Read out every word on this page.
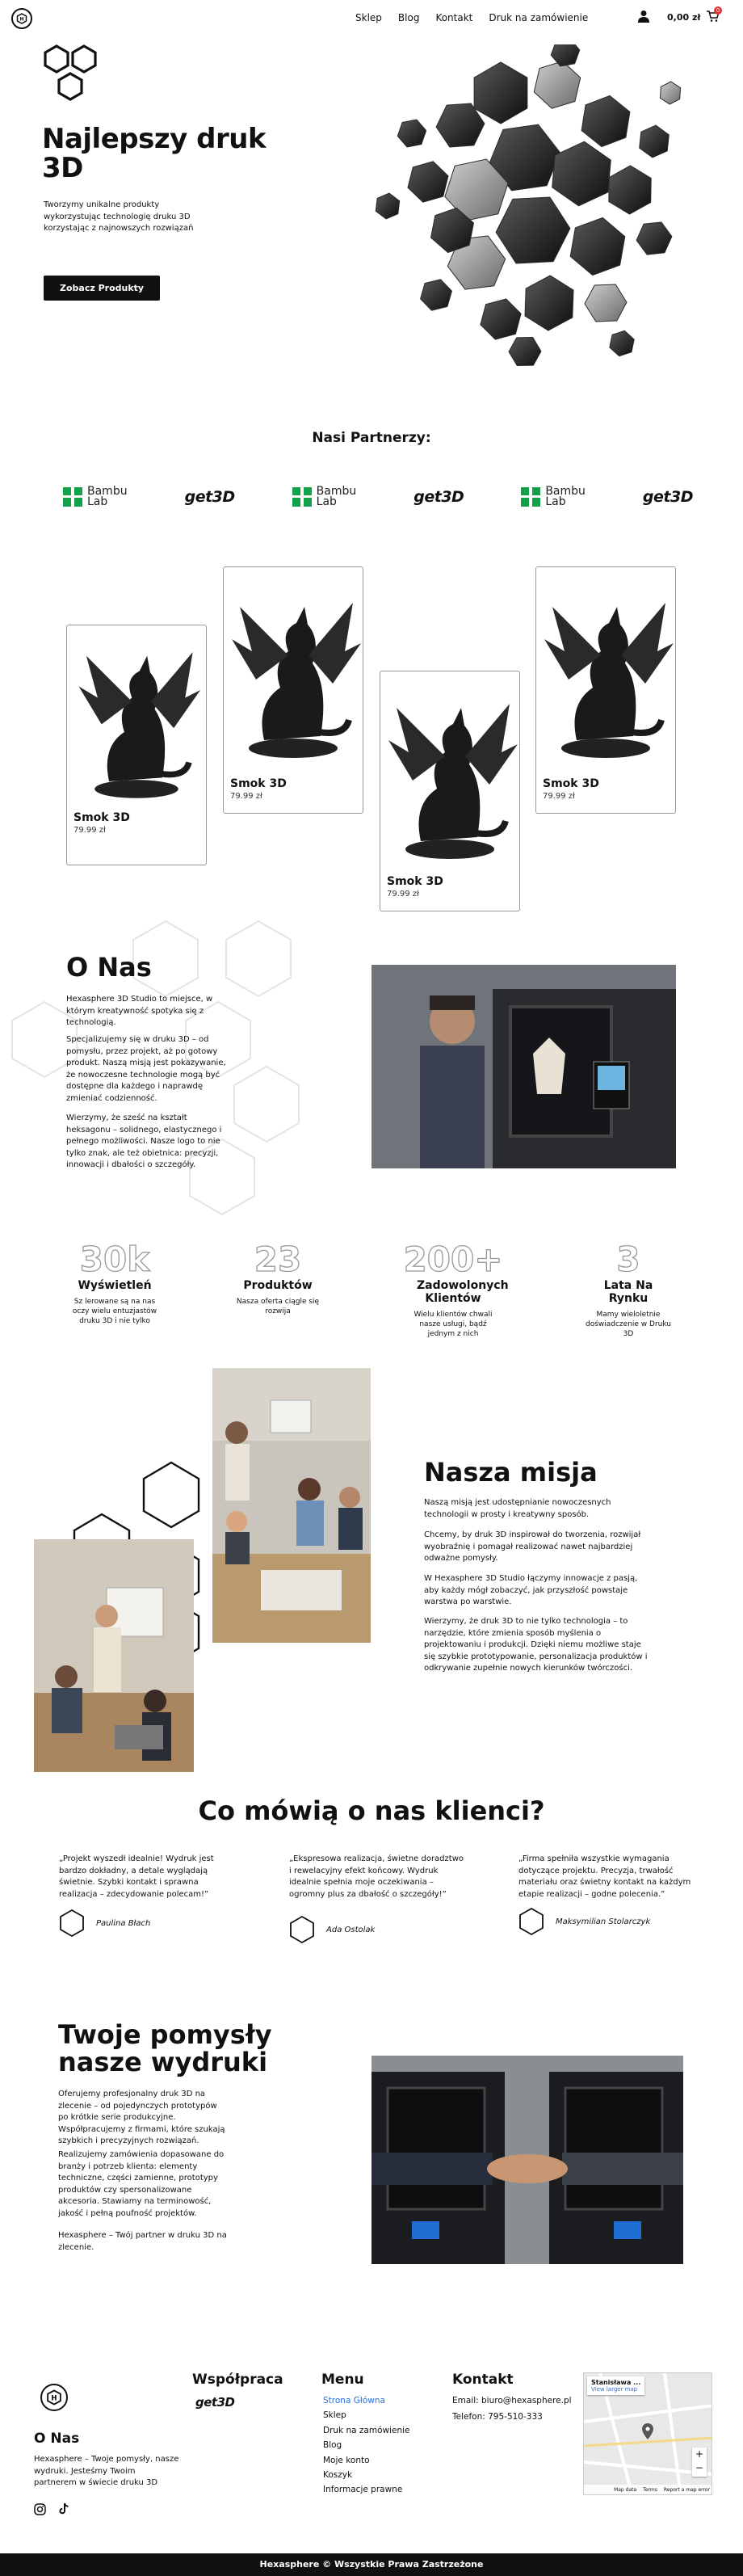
H	Sklep Blog Kontakt Druk na zamówienie	0,00 zł
0
Najlepszy druk 3D
Tworzymy unikalne produkty wykorzystując technologię druku 3D korzystając z najnowszych rozwiązań
Zobacz Produkty
Nasi Partnerzy:
Bambu
Lab	get3D	Bambu
Lab	get3D	Bambu
Lab	get3D
Smok 3D
79.99 zł
Smok 3D
79.99 zł
Smok 3D
79.99 zł
Smok 3D
79.99 zł
O Nas
Hexasphere 3D Studio to miejsce, w którym kreatywność spotyka się z technologią.
Specjalizujemy się w druku 3D – od pomysłu, przez projekt, aż po gotowy produkt. Naszą misją jest pokazywanie, że nowoczesne technologie mogą być dostępne dla każdego i naprawdę zmieniać codzienność.
Wierzymy, że sześć na kształt heksagonu – solidnego, elastycznego i pełnego możliwości. Nasze logo to nie tylko znak, ale też obietnica: precyzji, innowacji i dbałości o szczegóły.
30k
Wyświetleń
Sz lerowane są na nas oczy wielu entuzjastów druku 3D i nie tylko
23
Produktów
Nasza oferta ciągle się rozwija
200+
Zadowolonych Klientów
Wielu klientów chwali nasze usługi, bądź jednym z nich
3
Lata Na Rynku
Mamy wieloletnie doświadczenie w Druku 3D
Nasza misja
Naszą misją jest udostępnianie nowoczesnych technologii w prosty i kreatywny sposób.
Chcemy, by druk 3D inspirował do tworzenia, rozwijał wyobraźnię i pomagał realizować nawet najbardziej odważne pomysły.
W Hexasphere 3D Studio łączymy innowacje z pasją, aby każdy mógł zobaczyć, jak przyszłość powstaje warstwa po warstwie.
Wierzymy, że druk 3D to nie tylko technologia – to narzędzie, które zmienia sposób myślenia o projektowaniu i produkcji. Dzięki niemu możliwe staje się szybkie prototypowanie, personalizacja produktów i odkrywanie zupełnie nowych kierunków twórczości.
Co mówią o nas klienci?
„Projekt wyszedł idealnie! Wydruk jest bardzo dokładny, a detale wyglądają świetnie. Szybki kontakt i sprawna realizacja – zdecydowanie polecam!”
Paulina Błach
„Ekspresowa realizacja, świetne doradztwo i rewelacyjny efekt końcowy. Wydruk idealnie spełnia moje oczekiwania – ogromny plus za dbałość o szczegóły!”
Ada Ostolak
„Firma spełniła wszystkie wymagania dotyczące projektu. Precyzja, trwałość materiału oraz świetny kontakt na każdym etapie realizacji – godne polecenia.”
Maksymilian Stolarczyk
Twoje pomysły nasze wydruki
Oferujemy profesjonalny druk 3D na zlecenie – od pojedynczych prototypów po krótkie serie produkcyjne. Współpracujemy z firmami, które szukają szybkich i precyzyjnych rozwiązań.
Realizujemy zamówienia dopasowane do branży i potrzeb klienta: elementy techniczne, części zamienne, prototypy produktów czy spersonalizowane akcesoria. Stawiamy na terminowość, jakość i pełną poufność projektów.
Hexasphere – Twój partner w druku 3D na zlecenie.
H
O Nas
Hexasphere – Twoje pomysły, nasze wydruki. Jesteśmy Twoim partnerem w świecie druku 3D
Współpraca
get3D
Menu
Strona Główna
Sklep
Druk na zamówienie
Blog
Moje konto
Koszyk
Informacje prawne
Kontakt
Email: biuro@hexasphere.pl
Telefon: 795-510-333
Stanisława ...
View larger map
+
−
Map data Terms Report a map error
Hexasphere © Wszystkie Prawa Zastrzeżone
